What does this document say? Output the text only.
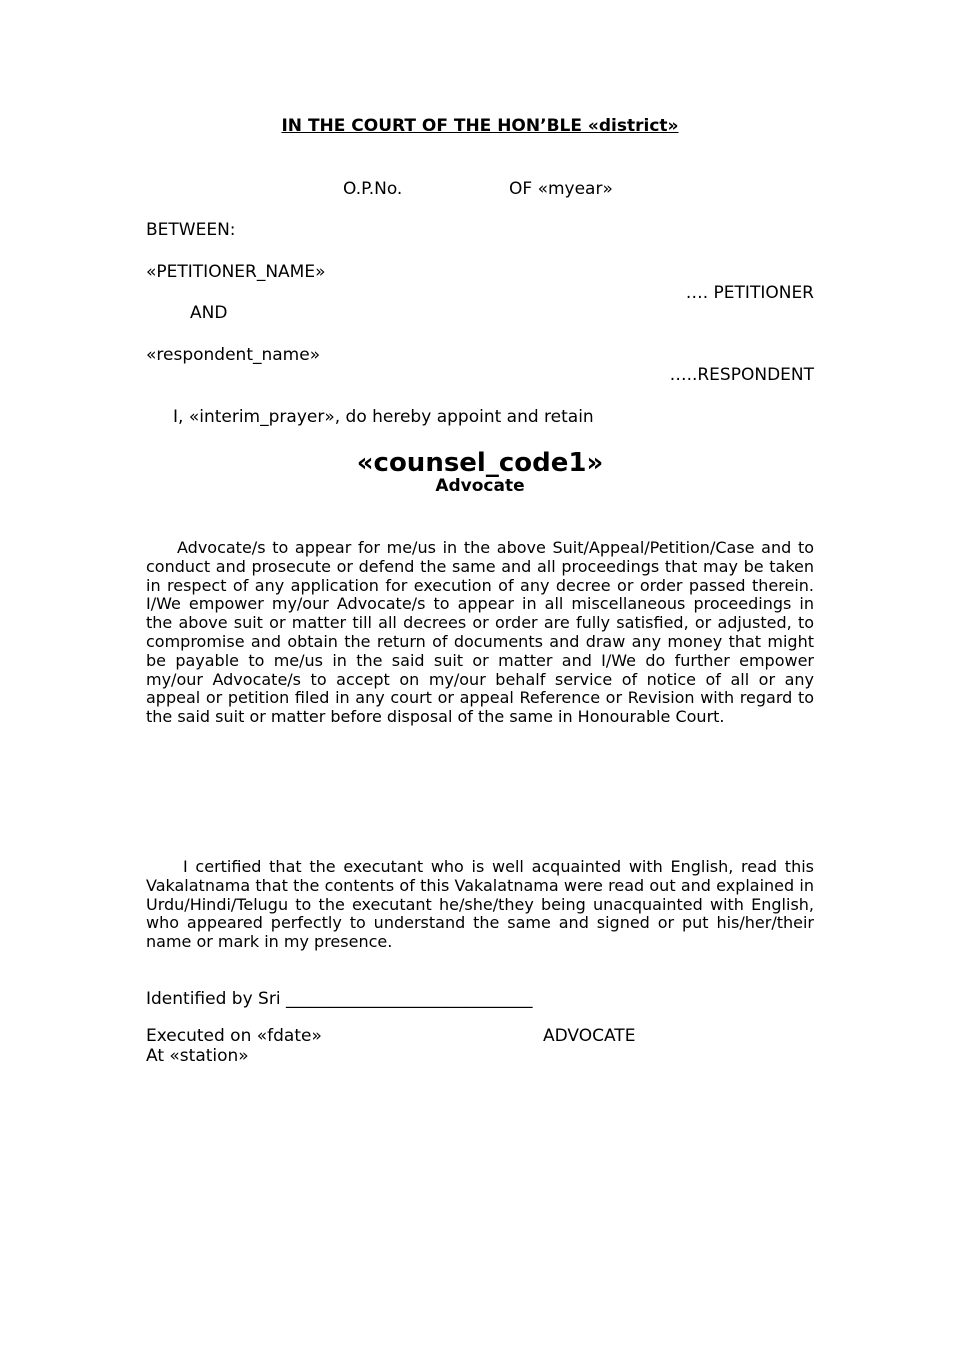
IN THE COURT OF THE HON’BLE «district»
O.P.No.	OF «myear»
BETWEEN:
«PETITIONER_NAME»
…. PETITIONER
AND
«respondent_name»
…..RESPONDENT
I, «interim_prayer», do hereby appoint and retain
«counsel_code1»
Advocate
Advocate/s to appear for me/us in the above Suit/Appeal/Petition/Case and to conduct and prosecute or defend the same and all proceedings that may be taken in respect of any application for execution of any decree or order passed therein. I/We empower my/our Advocate/s to appear in all miscellaneous proceedings in the above suit or matter till all decrees or order are fully satisfied, or adjusted, to compromise and obtain the return of documents and draw any money that might be payable to me/us in the said suit or matter and I/We do further empower my/our Advocate/s to accept on my/our behalf service of notice of all or any appeal or petition filed in any court or appeal Reference or Revision with regard to the said suit or matter before disposal of the same in Honourable Court.
I certified that the executant who is well acquainted with English, read this Vakalatnama that the contents of this Vakalatnama were read out and explained in Urdu/Hindi/Telugu to the executant he/she/they being unacquainted with English, who appeared perfectly to understand the same and signed or put his/her/their name or mark in my presence.
Identified by Sri _____________________________
Executed on «fdate»	ADVOCATE
At «station»
